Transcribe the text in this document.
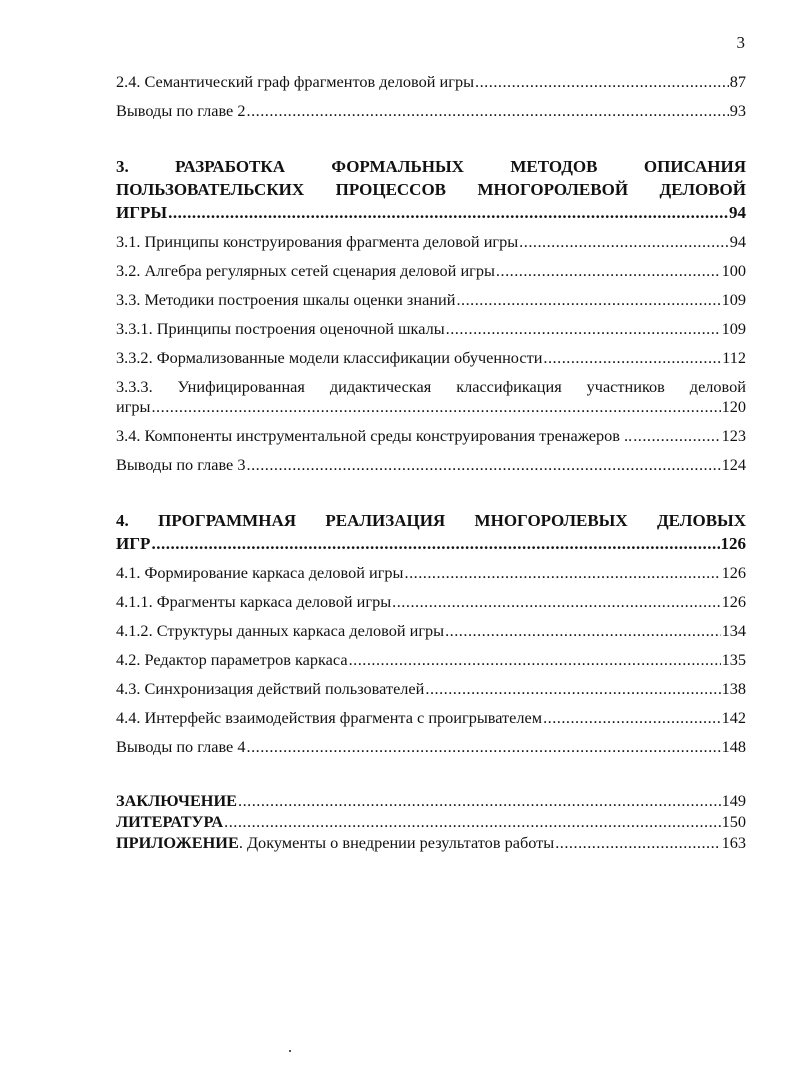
3
2.4. Семантический граф фрагментов деловой игры .....	87
Выводы по главе 2 .....	93
3. РАЗРАБОТКА ФОРМАЛЬНЫХ МЕТОДОВ ОПИСАНИЯ
ПОЛЬЗОВАТЕЛЬСКИХ ПРОЦЕССОВ МНОГОРОЛЕВОЙ ДЕЛОВОЙ
ИГРЫ .....	94
3.1. Принципы конструирования фрагмента деловой игры .....	94
3.2. Алгебра регулярных сетей сценария деловой игры .....	100
3.3. Методики построения шкалы оценки знаний .....	109
3.3.1. Принципы построения оценочной шкалы .....	109
3.3.2. Формализованные модели классификации обученности .....	112
3.3.3. Унифицированная дидактическая классификация участников деловой
игры .....	120
3.4. Компоненты инструментальной среды конструирования тренажеров .. .....	123
Выводы по главе 3 .....	124
4. ПРОГРАММНАЯ РЕАЛИЗАЦИЯ МНОГОРОЛЕВЫХ ДЕЛОВЫХ
ИГР .....	126
4.1. Формирование каркаса деловой игры .....	126
4.1.1. Фрагменты каркаса деловой игры .....	126
4.1.2. Структуры данных каркаса деловой игры .....	134
4.2. Редактор параметров каркаса .....	135
4.3. Синхронизация действий пользователей .....	138
4.4. Интерфейс взаимодействия фрагмента с проигрывателем .....	142
Выводы по главе 4 .....	148
ЗАКЛЮЧЕНИЕ .....	149
ЛИТЕРАТУРА .....	150
ПРИЛОЖЕНИЕ. Документы о внедрении результатов работы .....	163
